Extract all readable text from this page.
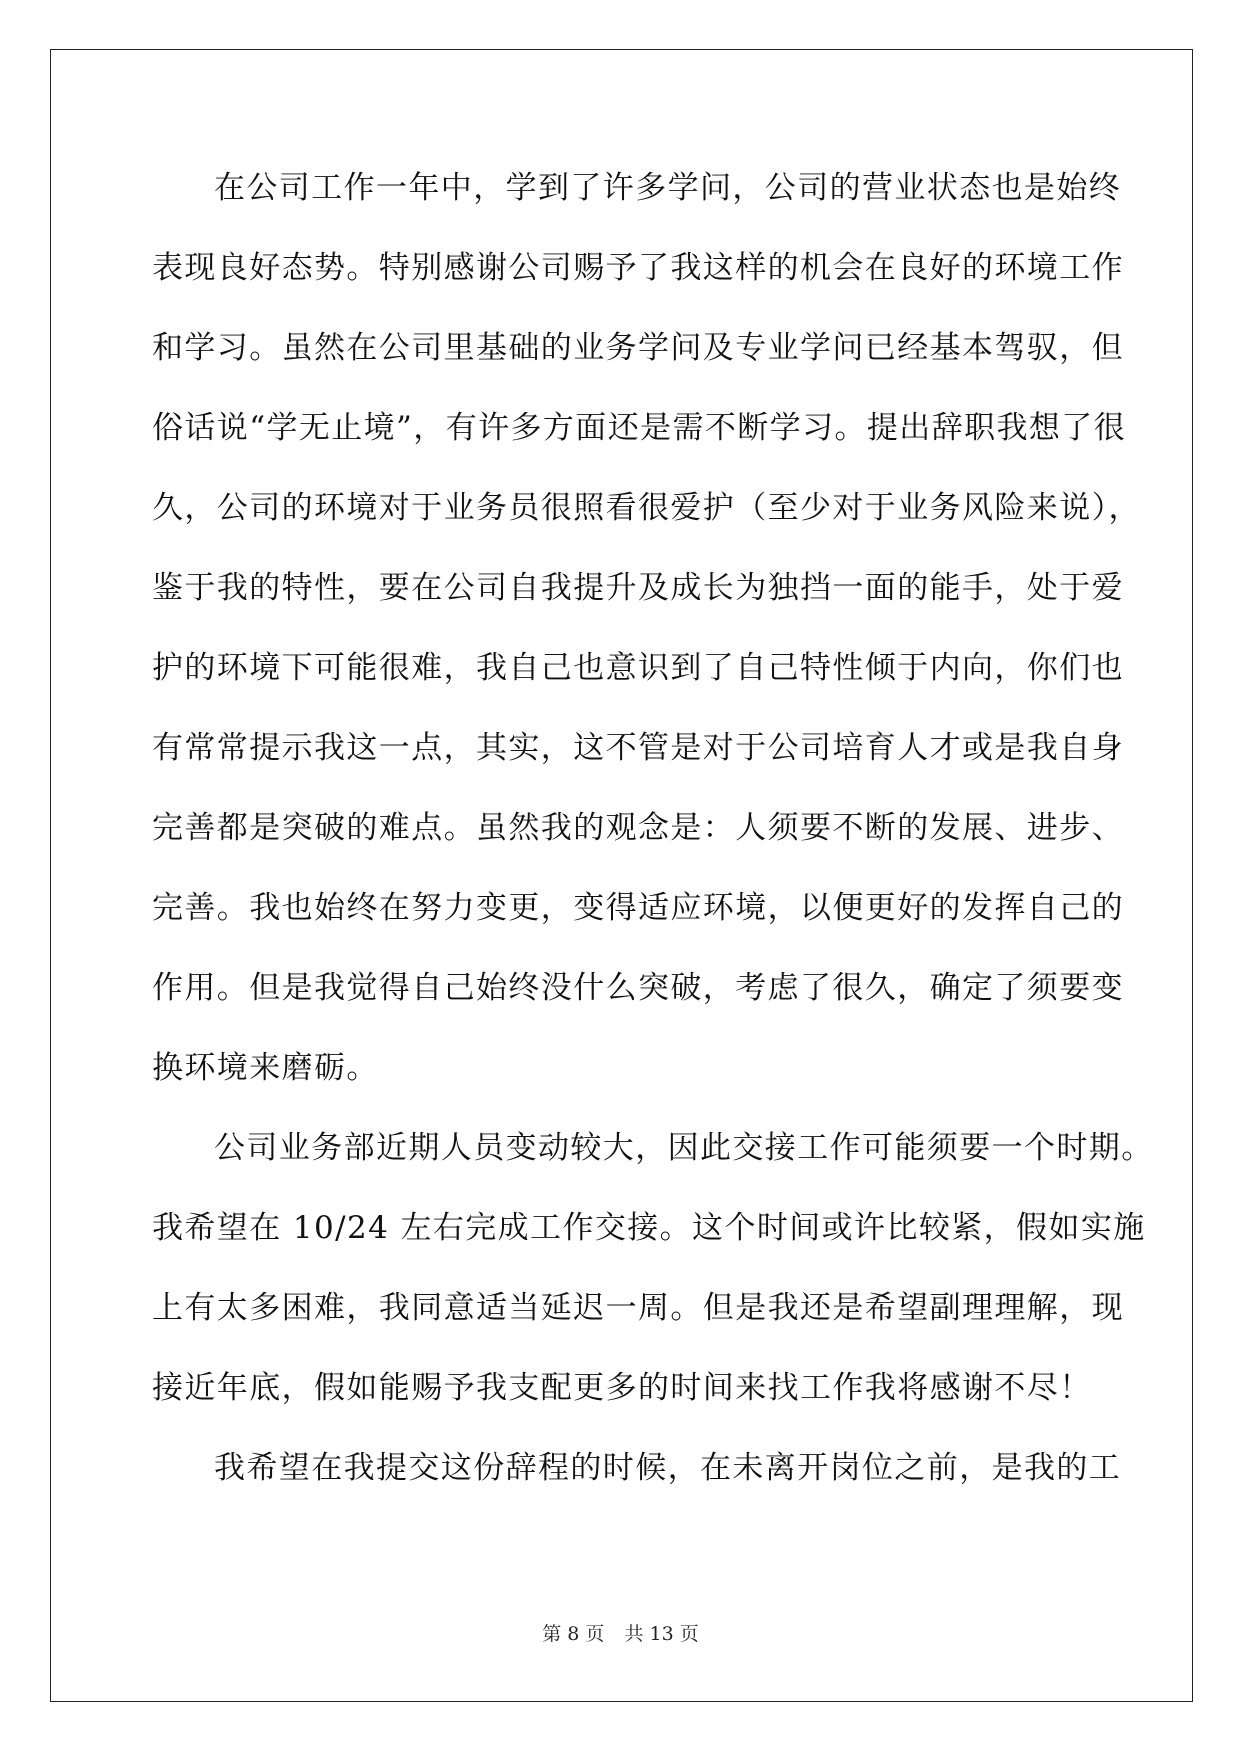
在公司工作一年中，学到了许多学问，公司的营业状态也是始终
表现良好态势。特别感谢公司赐予了我这样的机会在良好的环境工作
和学习。虽然在公司里基础的业务学问及专业学问已经基本驾驭，但
俗话说“学无止境”，有许多方面还是需不断学习。提出辞职我想了很
久，公司的环境对于业务员很照看很爱护（至少对于业务风险来说），
鉴于我的特性，要在公司自我提升及成长为独挡一面的能手，处于爱
护的环境下可能很难，我自己也意识到了自己特性倾于内向，你们也
有常常提示我这一点，其实，这不管是对于公司培育人才或是我自身
完善都是突破的难点。虽然我的观念是：人须要不断的发展、进步、
完善。我也始终在努力变更，变得适应环境，以便更好的发挥自己的
作用。但是我觉得自己始终没什么突破，考虑了很久，确定了须要变
换环境来磨砺。
公司业务部近期人员变动较大，因此交接工作可能须要一个时期。
我希望在 10/24 左右完成工作交接。这个时间或许比较紧，假如实施
上有太多困难，我同意适当延迟一周。但是我还是希望副理理解，现
接近年底，假如能赐予我支配更多的时间来找工作我将感谢不尽！
我希望在我提交这份辞程的时候，在未离开岗位之前，是我的工
第 8 页 共 13 页
